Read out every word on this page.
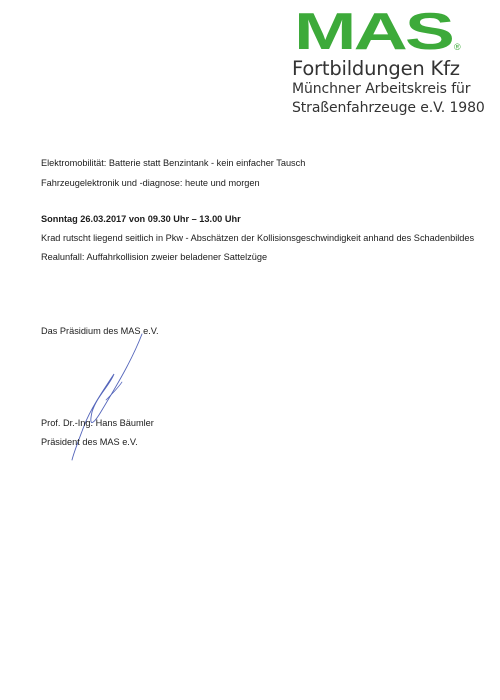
MAS ®
Fortbildungen Kfz
Münchner Arbeitskreis für
Straßenfahrzeuge e.V. 1980
Elektromobilität: Batterie statt Benzintank - kein einfacher Tausch
Fahrzeugelektronik und -diagnose: heute und morgen
Sonntag 26.03.2017 von 09.30 Uhr – 13.00 Uhr
Krad rutscht liegend seitlich in Pkw - Abschätzen der Kollisionsgeschwindigkeit anhand des Schadenbildes
Realunfall: Auffahrkollision zweier beladener Sattelzüge
Das Präsidium des MAS e.V.
Prof. Dr.-Ing. Hans Bäumler
Präsident des MAS e.V.
